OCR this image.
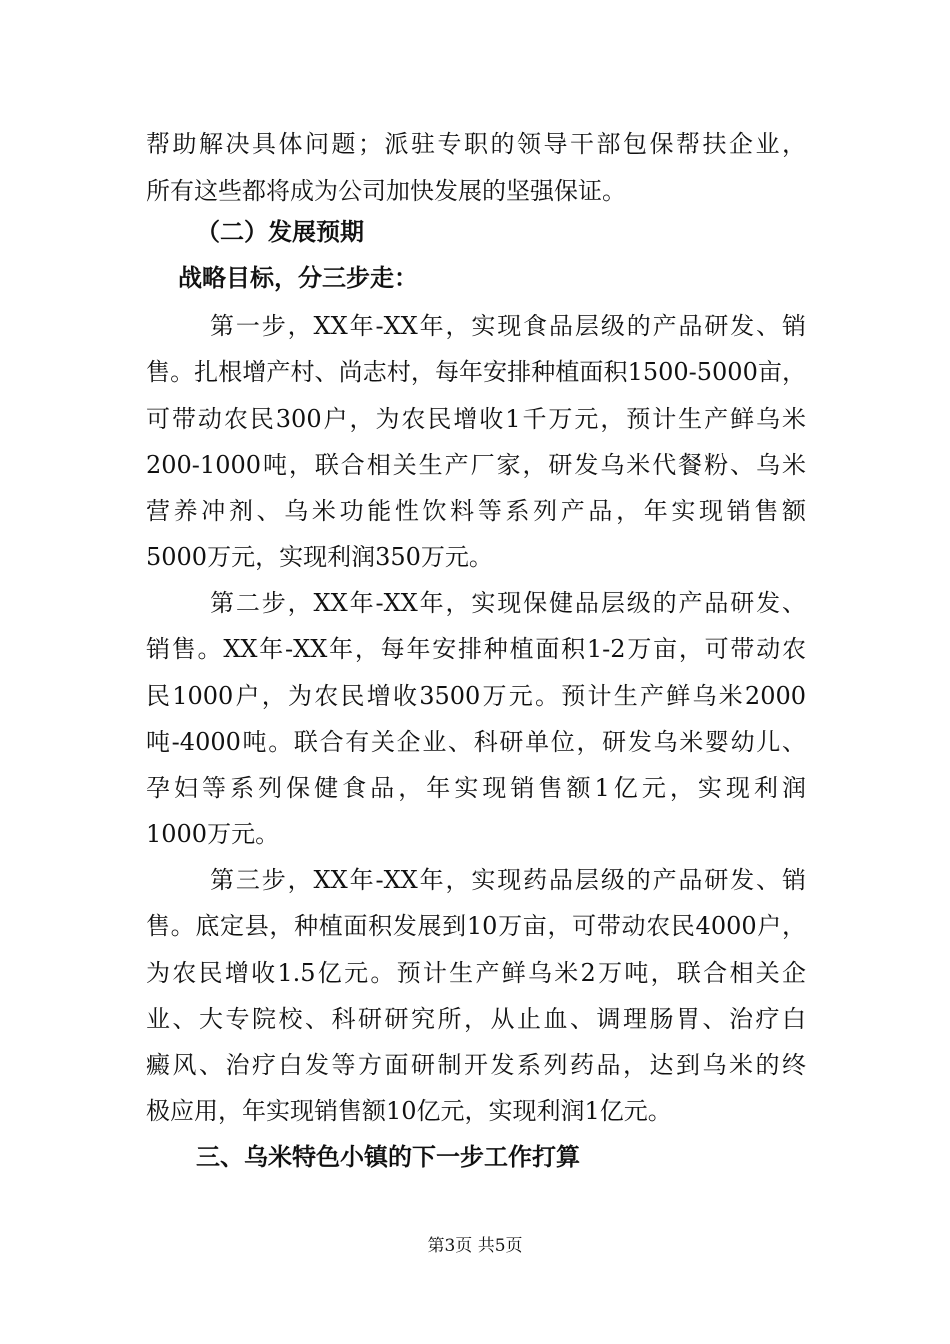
帮助解决具体问题；派驻专职的领导干部包保帮扶企业，
所有这些都将成为公司加快发展的坚强保证。
（二）发展预期
战略目标，分三步走：
第一步，XX年-XX年，实现食品层级的产品研发、销
售。扎根增产村、尚志村，每年安排种植面积1500-5000亩，
可带动农民300户，为农民增收1千万元，预计生产鲜乌米
200-1000吨，联合相关生产厂家，研发乌米代餐粉、乌米
营养冲剂、乌米功能性饮料等系列产品，年实现销售额
5000万元，实现利润350万元。
第二步，XX年-XX年，实现保健品层级的产品研发、
销售。XX年-XX年，每年安排种植面积1-2万亩，可带动农
民1000户，为农民增收3500万元。预计生产鲜乌米2000
吨-4000吨。联合有关企业、科研单位，研发乌米婴幼儿、
孕妇等系列保健食品，年实现销售额1亿元，实现利润
1000万元。
第三步，XX年-XX年，实现药品层级的产品研发、销
售。底定县，种植面积发展到10万亩，可带动农民4000户，
为农民增收1.5亿元。预计生产鲜乌米2万吨，联合相关企
业、大专院校、科研研究所，从止血、调理肠胃、治疗白
癜风、治疗白发等方面研制开发系列药品，达到乌米的终
极应用，年实现销售额10亿元，实现利润1亿元。
三、乌米特色小镇的下一步工作打算
第3页 共5页
